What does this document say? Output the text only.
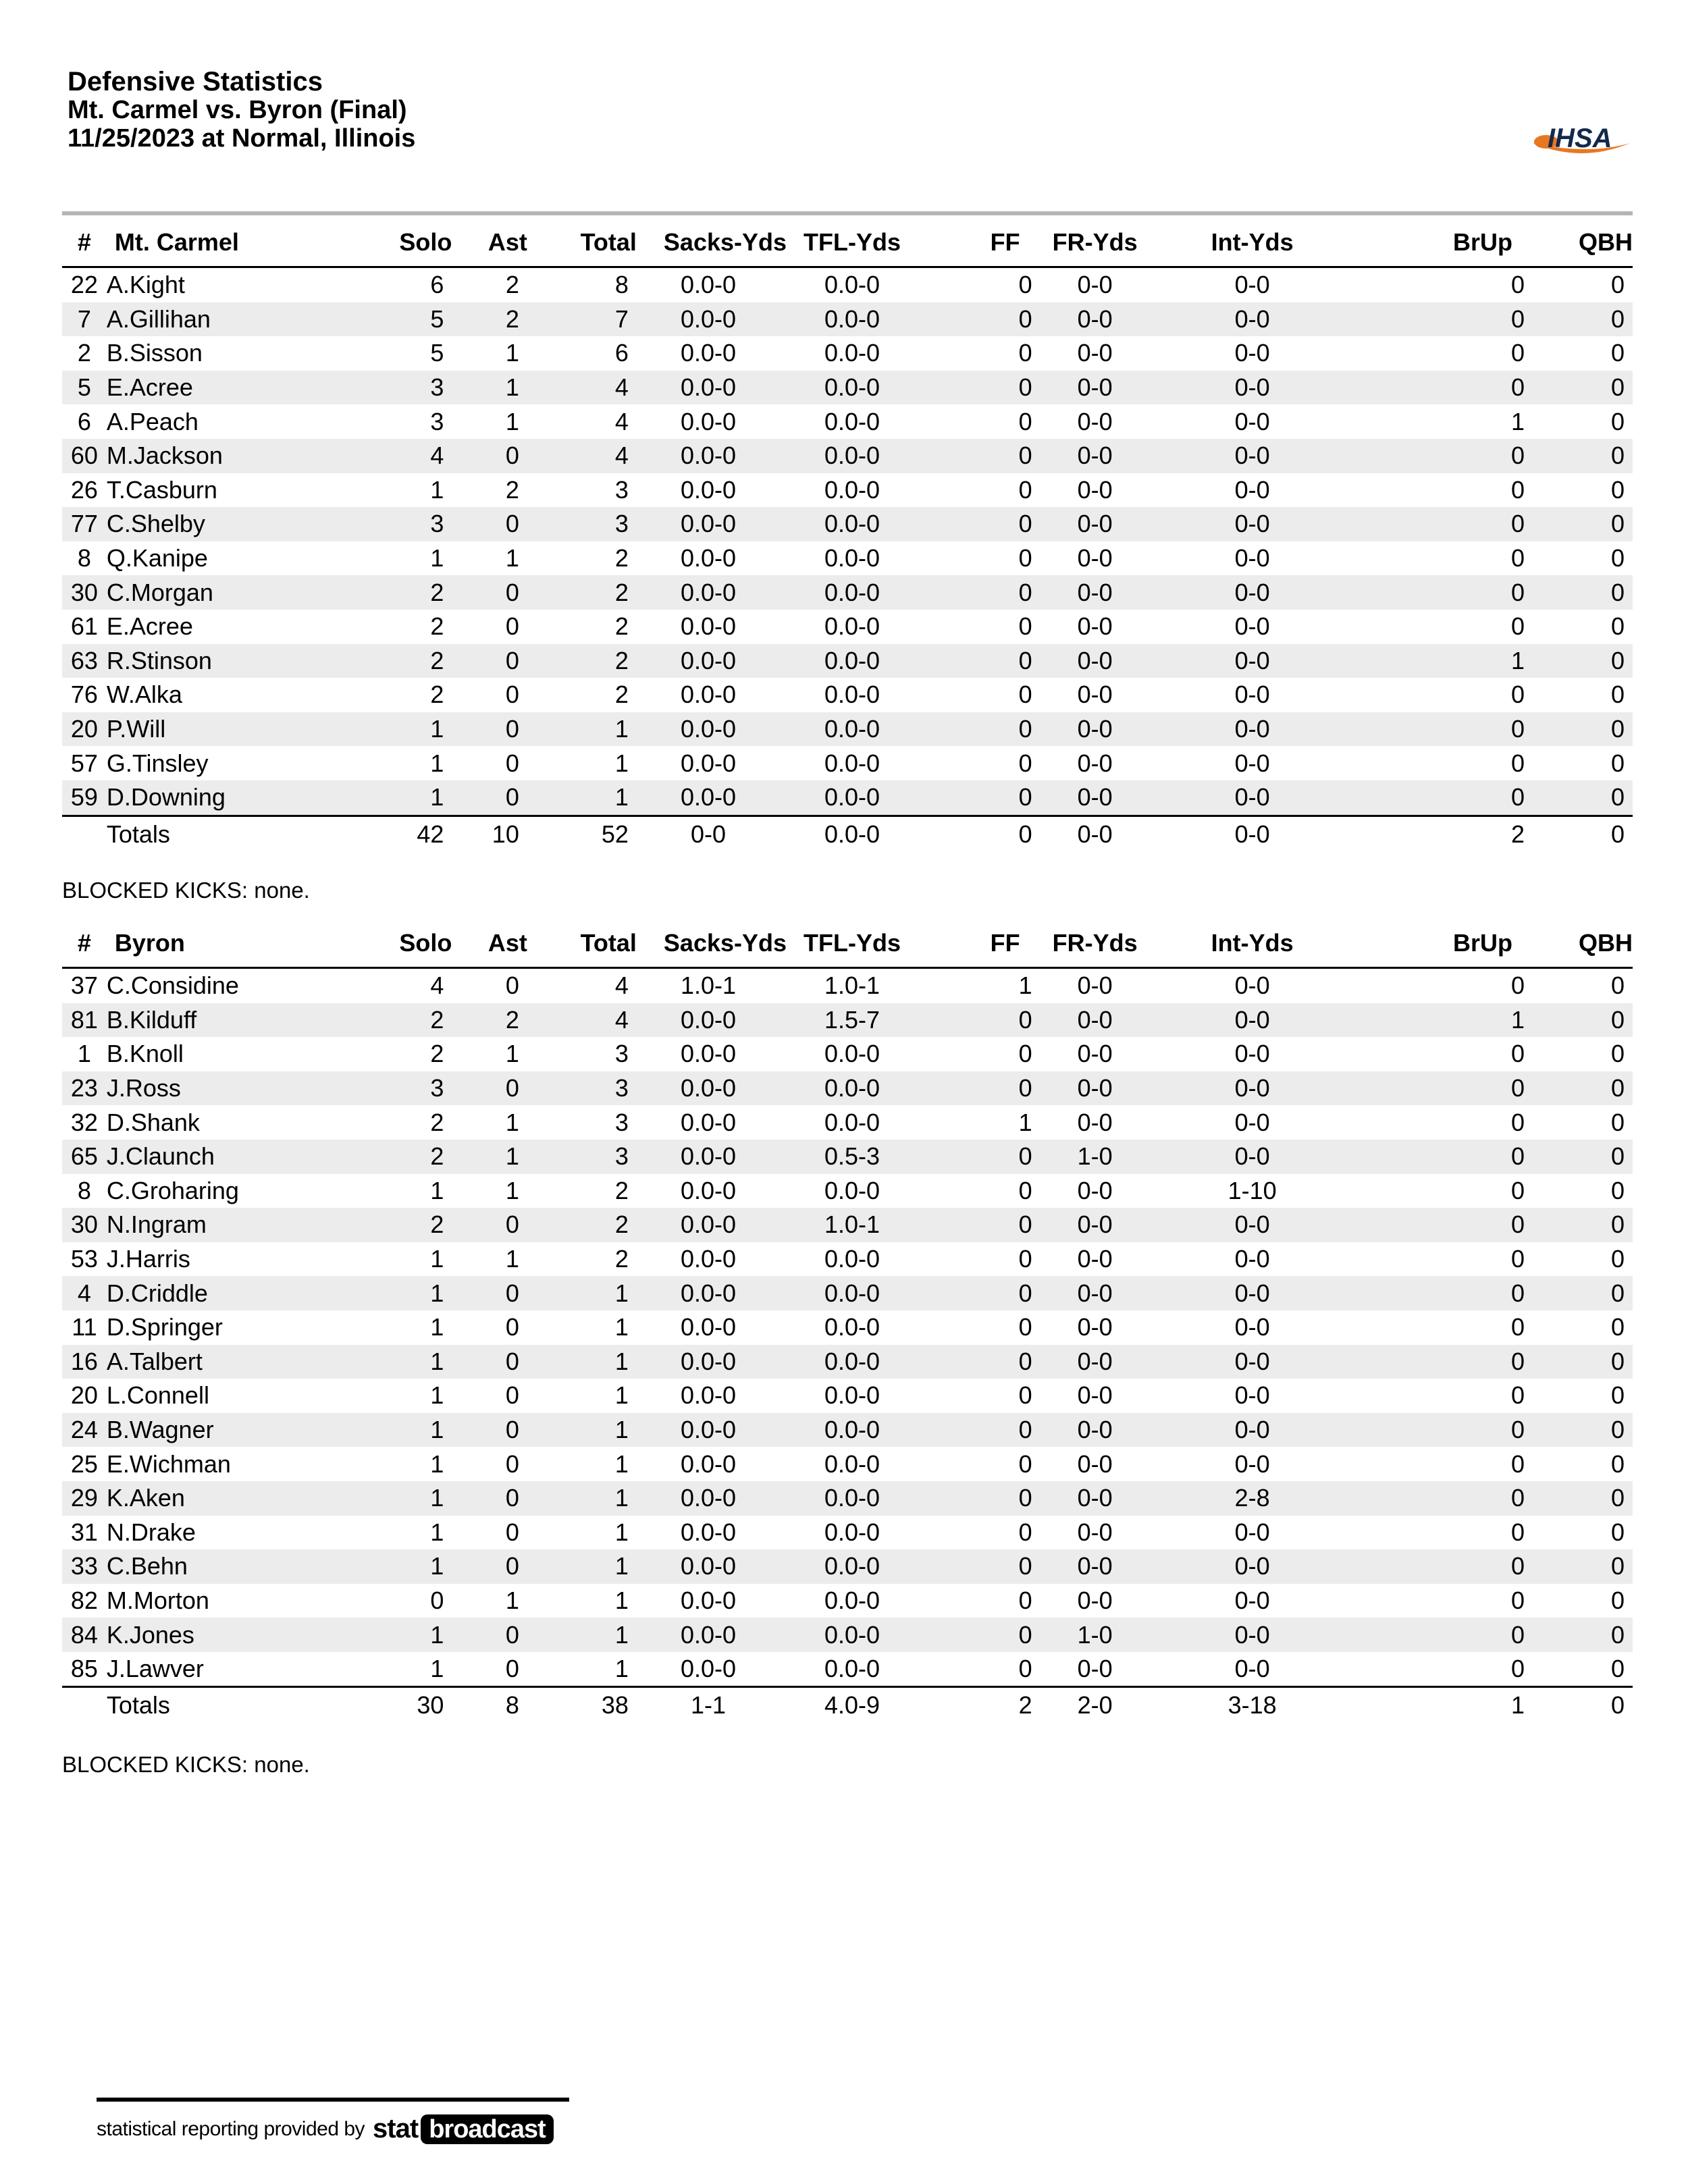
Defensive Statistics
Mt. Carmel vs. Byron (Final)
11/25/2023 at Normal, Illinois	IHSA
#	Mt. Carmel	Solo	Ast	Total	Sacks-Yds	TFL-Yds	FF	FR-Yds	Int-Yds	BrUp	QBH
22	A.Kight	6	2	8	0.0-0	0.0-0	0	0-0	0-0	0	0
7	A.Gillihan	5	2	7	0.0-0	0.0-0	0	0-0	0-0	0	0
2	B.Sisson	5	1	6	0.0-0	0.0-0	0	0-0	0-0	0	0
5	E.Acree	3	1	4	0.0-0	0.0-0	0	0-0	0-0	0	0
6	A.Peach	3	1	4	0.0-0	0.0-0	0	0-0	0-0	1	0
60	M.Jackson	4	0	4	0.0-0	0.0-0	0	0-0	0-0	0	0
26	T.Casburn	1	2	3	0.0-0	0.0-0	0	0-0	0-0	0	0
77	C.Shelby	3	0	3	0.0-0	0.0-0	0	0-0	0-0	0	0
8	Q.Kanipe	1	1	2	0.0-0	0.0-0	0	0-0	0-0	0	0
30	C.Morgan	2	0	2	0.0-0	0.0-0	0	0-0	0-0	0	0
61	E.Acree	2	0	2	0.0-0	0.0-0	0	0-0	0-0	0	0
63	R.Stinson	2	0	2	0.0-0	0.0-0	0	0-0	0-0	1	0
76	W.Alka	2	0	2	0.0-0	0.0-0	0	0-0	0-0	0	0
20	P.Will	1	0	1	0.0-0	0.0-0	0	0-0	0-0	0	0
57	G.Tinsley	1	0	1	0.0-0	0.0-0	0	0-0	0-0	0	0
59	D.Downing	1	0	1	0.0-0	0.0-0	0	0-0	0-0	0	0
	Totals	42	10	52	0-0	0.0-0	0	0-0	0-0	2	0
BLOCKED KICKS: none.
#	Byron	Solo	Ast	Total	Sacks-Yds	TFL-Yds	FF	FR-Yds	Int-Yds	BrUp	QBH
37	C.Considine	4	0	4	1.0-1	1.0-1	1	0-0	0-0	0	0
81	B.Kilduff	2	2	4	0.0-0	1.5-7	0	0-0	0-0	1	0
1	B.Knoll	2	1	3	0.0-0	0.0-0	0	0-0	0-0	0	0
23	J.Ross	3	0	3	0.0-0	0.0-0	0	0-0	0-0	0	0
32	D.Shank	2	1	3	0.0-0	0.0-0	1	0-0	0-0	0	0
65	J.Claunch	2	1	3	0.0-0	0.5-3	0	1-0	0-0	0	0
8	C.Groharing	1	1	2	0.0-0	0.0-0	0	0-0	1-10	0	0
30	N.Ingram	2	0	2	0.0-0	1.0-1	0	0-0	0-0	0	0
53	J.Harris	1	1	2	0.0-0	0.0-0	0	0-0	0-0	0	0
4	D.Criddle	1	0	1	0.0-0	0.0-0	0	0-0	0-0	0	0
11	D.Springer	1	0	1	0.0-0	0.0-0	0	0-0	0-0	0	0
16	A.Talbert	1	0	1	0.0-0	0.0-0	0	0-0	0-0	0	0
20	L.Connell	1	0	1	0.0-0	0.0-0	0	0-0	0-0	0	0
24	B.Wagner	1	0	1	0.0-0	0.0-0	0	0-0	0-0	0	0
25	E.Wichman	1	0	1	0.0-0	0.0-0	0	0-0	0-0	0	0
29	K.Aken	1	0	1	0.0-0	0.0-0	0	0-0	2-8	0	0
31	N.Drake	1	0	1	0.0-0	0.0-0	0	0-0	0-0	0	0
33	C.Behn	1	0	1	0.0-0	0.0-0	0	0-0	0-0	0	0
82	M.Morton	0	1	1	0.0-0	0.0-0	0	0-0	0-0	0	0
84	K.Jones	1	0	1	0.0-0	0.0-0	0	1-0	0-0	0	0
85	J.Lawver	1	0	1	0.0-0	0.0-0	0	0-0	0-0	0	0
	Totals	30	8	38	1-1	4.0-9	2	2-0	3-18	1	0
BLOCKED KICKS: none.
statistical reporting provided by stat broadcast
